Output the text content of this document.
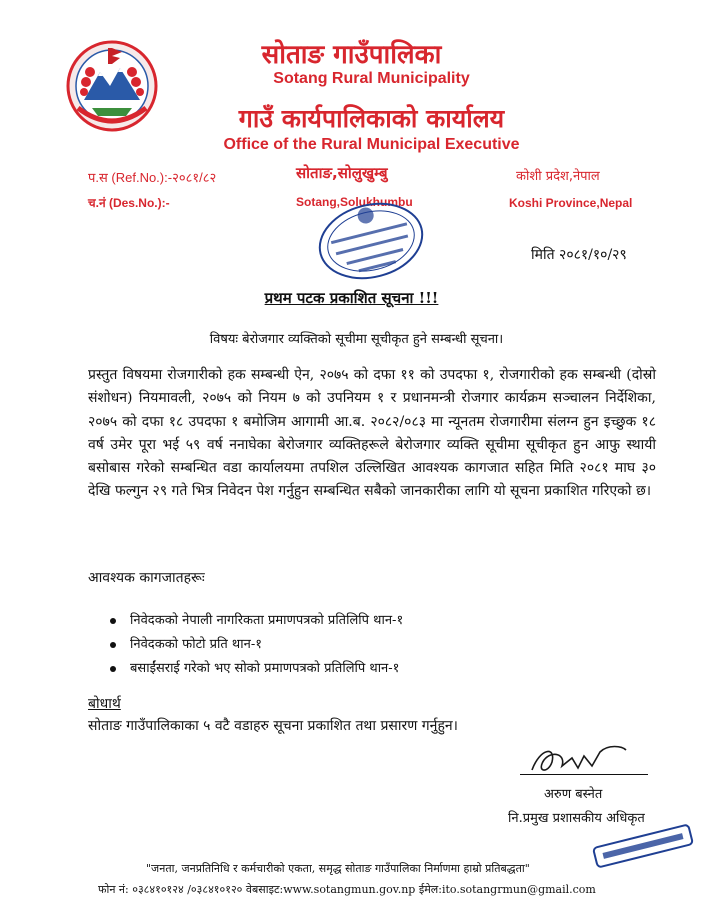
सोताङ गाउँपालिका
Sotang Rural Municipality
गाउँ कार्यपालिकाको कार्यालय
Office of the Rural Municipal Executive
प.स (Ref.No.):-२०८१/८२
च.नं (Des.No.):-
सोताङ,सोलुखुम्बु
Sotang,Solukhumbu
कोशी प्रदेश,नेपाल
Koshi Province,Nepal
मिति २०८१/१०/२९
प्रथम पटक प्रकाशित सूचना !!!
विषयः बेरोजगार व्यक्तिको सूचीमा सूचीकृत हुने सम्बन्धी सूचना।
प्रस्तुत विषयमा रोजगारीको हक सम्बन्धी ऐन, २०७५ को दफा ११ को उपदफा १, रोजगारीको हक सम्बन्धी (दोस्रो संशोधन) नियमावली, २०७५ को नियम ७ को उपनियम १ र प्रधानमन्त्री रोजगार कार्यक्रम सञ्चालन निर्देशिका, २०७५ को दफा १८ उपदफा १ बमोजिम आगामी आ.ब. २०८२/०८३ मा न्यूनतम रोजगारीमा संलग्न हुन इच्छुक १८ वर्ष उमेर पूरा भई ५९ वर्ष ननाघेका बेरोजगार व्यक्तिहरूले बेरोजगार व्यक्ति सूचीमा सूचीकृत हुन आफु स्थायी बसोबास गरेको सम्बन्धित वडा कार्यालयमा तपशिल उल्लिखित आवश्यक कागजात सहित मिति २०८१ माघ ३० देखि फल्गुन २९ गते भित्र निवेदन पेश गर्नुहुन सम्बन्धित सबैको जानकारीका लागि यो सूचना प्रकाशित गरिएको छ।
आवश्यक कागजातहरूः
निवेदकको नेपाली नागरिकता प्रमाणपत्रको प्रतिलिपि थान-१
निवेदकको फोटो प्रति थान-१
बसाईंसराई गरेको भए सोको प्रमाणपत्रको प्रतिलिपि थान-१
बोधार्थ
सोताङ गाउँपालिकाका ५ वटै वडाहरु सूचना प्रकाशित तथा प्रसारण गर्नुहुन।
अरुण बस्नेत
नि.प्रमुख प्रशासकीय अधिकृत
"जनता, जनप्रतिनिधि र कर्मचारीको एकता, समृद्ध सोताङ गाउँपालिका निर्माणमा हाम्रो प्रतिबद्धता"
फोन नं: ०३८४१०१२४ /०३८४१०१२० वेबसाइट:www.sotangmun.gov.np ईमेल:ito.sotangrmun@gmail.com
